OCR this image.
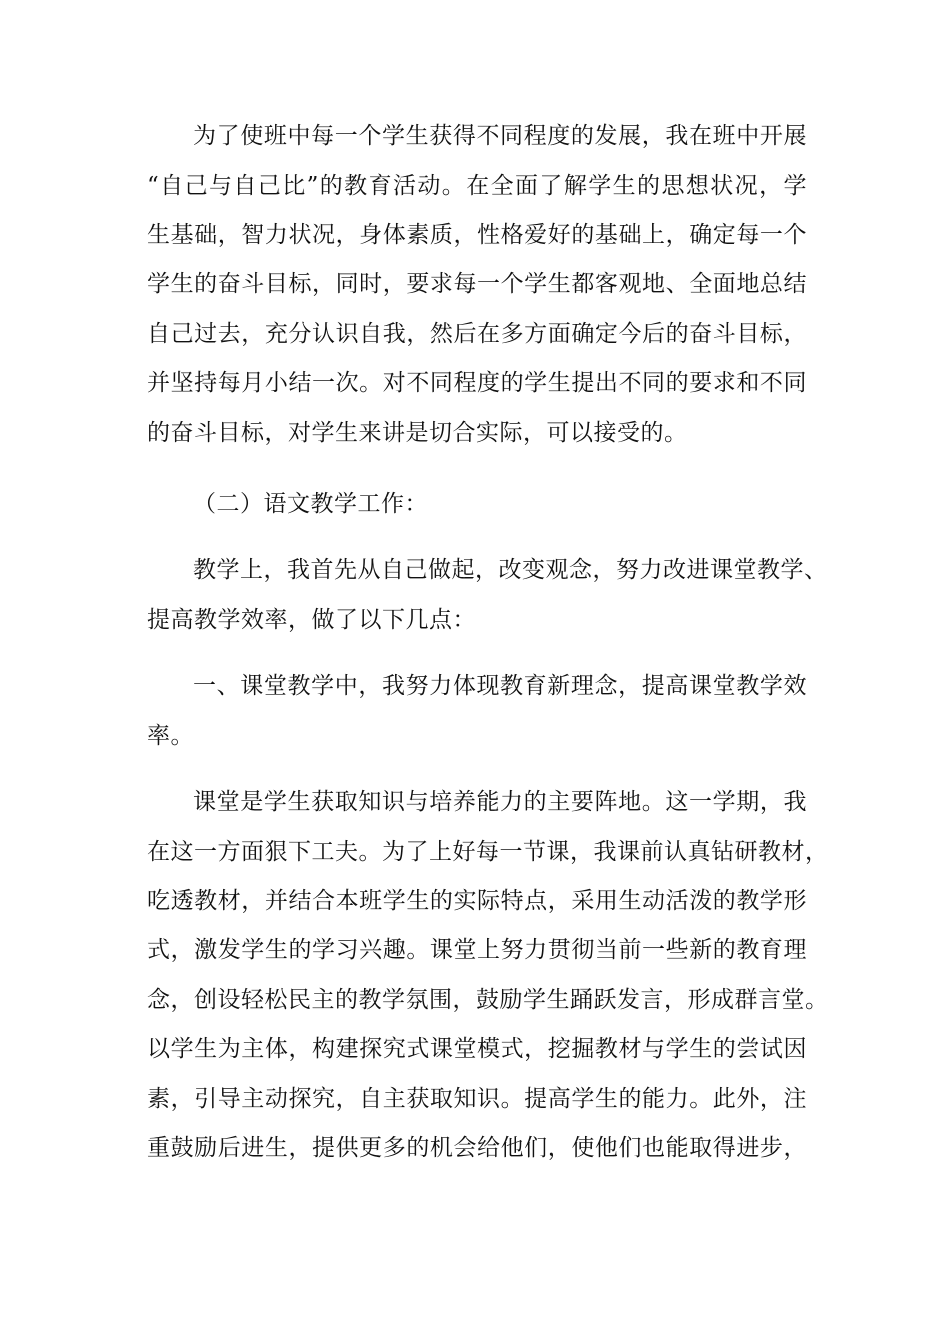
为了使班中每一个学生获得不同程度的发展，我在班中开展
“自己与自己比”的教育活动。在全面了解学生的思想状况，学
生基础，智力状况，身体素质，性格爱好的基础上，确定每一个
学生的奋斗目标，同时，要求每一个学生都客观地、全面地总结
自己过去，充分认识自我，然后在多方面确定今后的奋斗目标，
并坚持每月小结一次。对不同程度的学生提出不同的要求和不同
的奋斗目标，对学生来讲是切合实际，可以接受的。
（二）语文教学工作：
教学上，我首先从自己做起，改变观念，努力改进课堂教学、
提高教学效率，做了以下几点：
一、课堂教学中，我努力体现教育新理念，提高课堂教学效
率。
课堂是学生获取知识与培养能力的主要阵地。这一学期，我
在这一方面狠下工夫。为了上好每一节课，我课前认真钻研教材，
吃透教材，并结合本班学生的实际特点，采用生动活泼的教学形
式，激发学生的学习兴趣。课堂上努力贯彻当前一些新的教育理
念，创设轻松民主的教学氛围，鼓励学生踊跃发言，形成群言堂。
以学生为主体，构建探究式课堂模式，挖掘教材与学生的尝试因
素，引导主动探究，自主获取知识。提高学生的能力。此外，注
重鼓励后进生，提供更多的机会给他们，使他们也能取得进步，
